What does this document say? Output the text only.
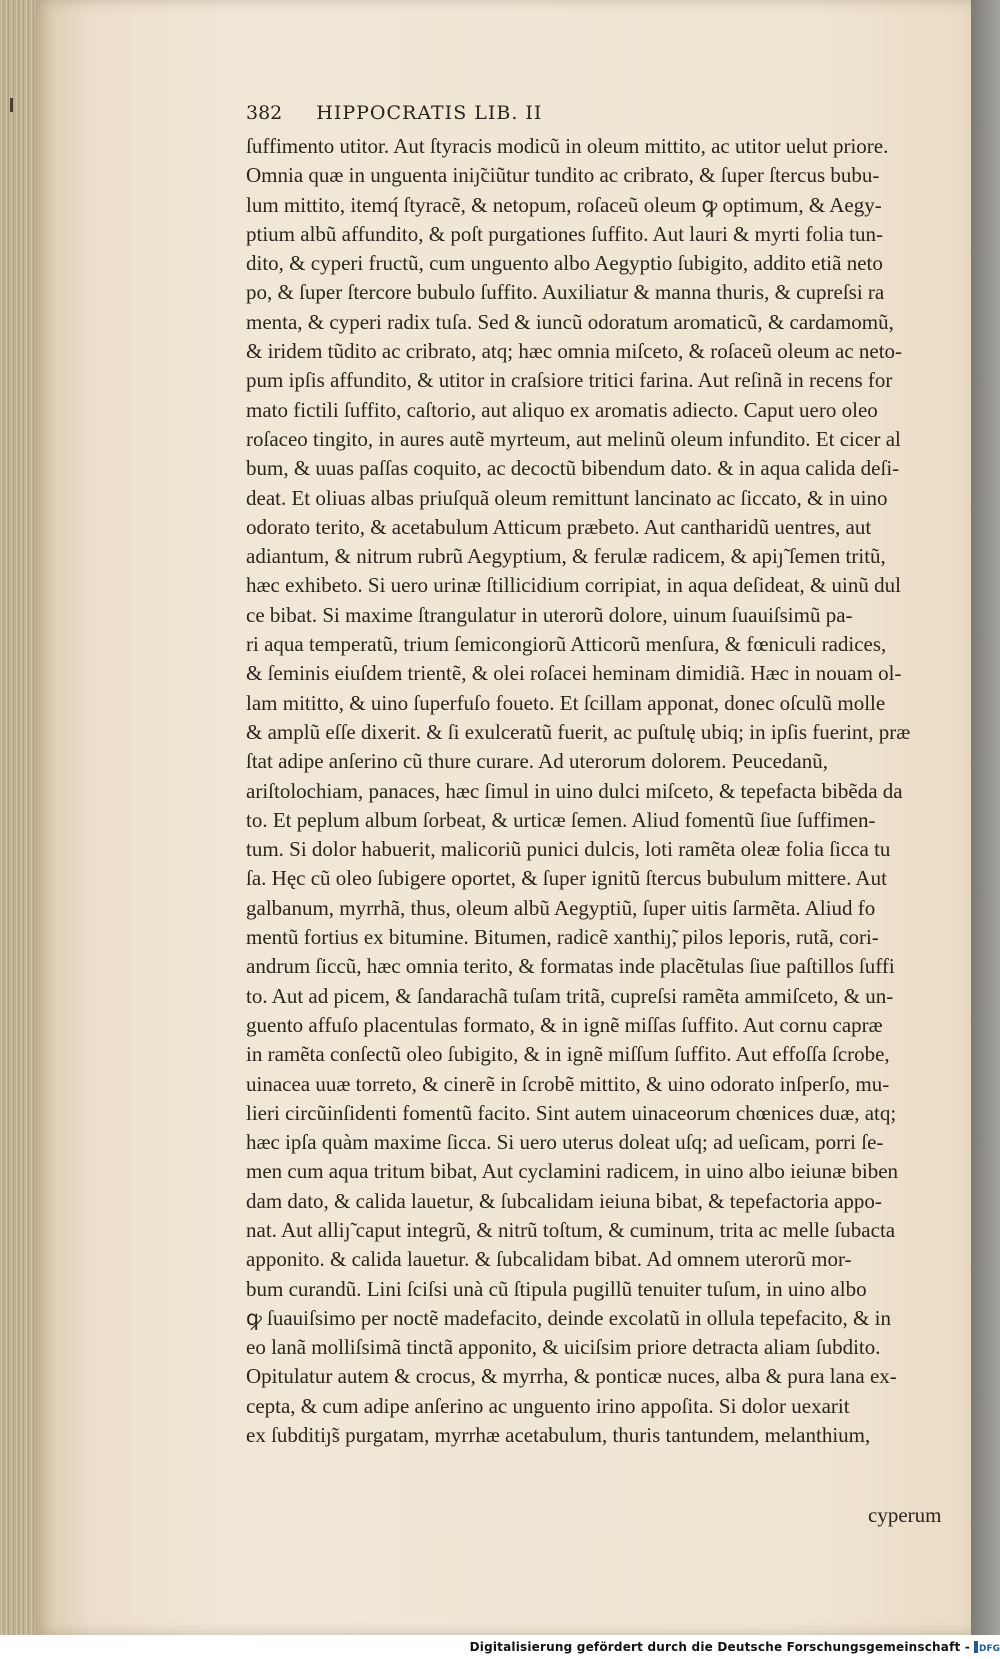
382 HIPPOCRATIS LIB. II
ſuffimento utitor. Aut ſtyracis modicũ in oleum mittito, ac utitor uelut priore.
Omnia quæ in unguenta iniȷ̃ciũtur tundito ac cribrato, & ſuper ſtercus bubu-
lum mittito, itemq́ ſtyracẽ, & netopum, roſaceũ oleum ꝙ optimum, & Aegy-
ptium albũ affundito, & poſt purgationes ſuffito. Aut lauri & myrti folia tun-
dito, & cyperi fructũ, cum unguento albo Aegyptio ſubigito, addito etiã neto
po, & ſuper ſtercore bubulo ſuffito. Auxiliatur & manna thuris, & cupreſsi ra
menta, & cyperi radix tuſa. Sed & iuncũ odoratum aromaticũ, & cardamomũ,
& iridem tũdito ac cribrato, atq; hæc omnia miſceto, & roſaceũ oleum ac neto-
pum ipſis affundito, & utitor in craſsiore tritici farina. Aut reſinã in recens for
mato fictili ſuffito, caſtorio, aut aliquo ex aromatis adiecto. Caput uero oleo
roſaceo tingito, in aures autẽ myrteum, aut melinũ oleum infundito. Et cicer al
bum, & uuas paſſas coquito, ac decoctũ bibendum dato. & in aqua calida deſi-
deat. Et oliuas albas priuſquã oleum remittunt lancinato ac ſiccato, & in uino
odorato terito, & acetabulum Atticum præbeto. Aut cantharidũ uentres, aut
adiantum, & nitrum rubrũ Aegyptium, & ferulæ radicem, & apiȷ̃ ſemen tritũ,
hæc exhibeto. Si uero urinæ ſtillicidium corripiat, in aqua deſideat, & uinũ dul
ce bibat. Si maxime ſtrangulatur in uterorũ dolore, uinum ſuauiſsimũ pa-
ri aqua temperatũ, trium ſemicongiorũ Atticorũ menſura, & fœniculi radices,
& ſeminis eiuſdem trientẽ, & olei roſacei heminam dimidiã. Hæc in nouam ol-
lam mititto, & uino ſuperfuſo foueto. Et ſcillam apponat, donec oſculũ molle
& amplũ eſſe dixerit. & ſi exulceratũ fuerit, ac puſtulę ubiq; in ipſis fuerint, præ
ſtat adipe anſerino cũ thure curare. Ad uterorum dolorem. Peucedanũ,
ariſtolochiam, panaces, hæc ſimul in uino dulci miſceto, & tepefacta bibẽda da
to. Et peplum album ſorbeat, & urticæ ſemen. Aliud fomentũ ſiue ſuffimen-
tum. Si dolor habuerit, malicoriũ punici dulcis, loti ramẽta oleæ folia ſicca tu
ſa. Hęc cũ oleo ſubigere oportet, & ſuper ignitũ ſtercus bubulum mittere. Aut
galbanum, myrrhã, thus, oleum albũ Aegyptiũ, ſuper uitis ſarmẽta. Aliud fo
mentũ fortius ex bitumine. Bitumen, radicẽ xanthiȷ̃, pilos leporis, rutã, cori-
andrum ſiccũ, hæc omnia terito, & formatas inde placẽtulas ſiue paſtillos ſuffi
to. Aut ad picem, & ſandarachã tuſam tritã, cupreſsi ramẽta ammiſceto, & un-
guento affuſo placentulas formato, & in ignẽ miſſas ſuffito. Aut cornu capræ
in ramẽta conſectũ oleo ſubigito, & in ignẽ miſſum ſuffito. Aut effoſſa ſcrobe,
uinacea uuæ torreto, & cinerẽ in ſcrobẽ mittito, & uino odorato inſperſo, mu-
lieri circũinſidenti fomentũ facito. Sint autem uinaceorum chœnices duæ, atq;
hæc ipſa quàm maxime ſicca. Si uero uterus doleat uſq; ad ueſicam, porri ſe-
men cum aqua tritum bibat, Aut cyclamini radicem, in uino albo ieiunæ biben
dam dato, & calida lauetur, & ſubcalidam ieiuna bibat, & tepefactoria appo-
nat. Aut alliȷ̃ caput integrũ, & nitrũ toſtum, & cuminum, trita ac melle ſubacta
apponito. & calida lauetur. & ſubcalidam bibat. Ad omnem uterorũ mor-
bum curandũ. Lini ſciſsi unà cũ ſtipula pugillũ tenuiter tuſum, in uino albo
ꝙ ſuauiſsimo per noctẽ madefacito, deinde excolatũ in ollula tepefacito, & in
eo lanã molliſsimã tinctã apponito, & uiciſsim priore detracta aliam ſubdito.
Opitulatur autem & crocus, & myrrha, & ponticæ nuces, alba & pura lana ex-
cepta, & cum adipe anſerino ac unguento irino appoſita. Si dolor uexarit
ex ſubditiȷ̃s purgatam, myrrhæ acetabulum, thuris tantundem, melanthium,
cyperum
Digitalisierung gefördert durch die Deutsche Forschungsgemeinschaft - DFG
